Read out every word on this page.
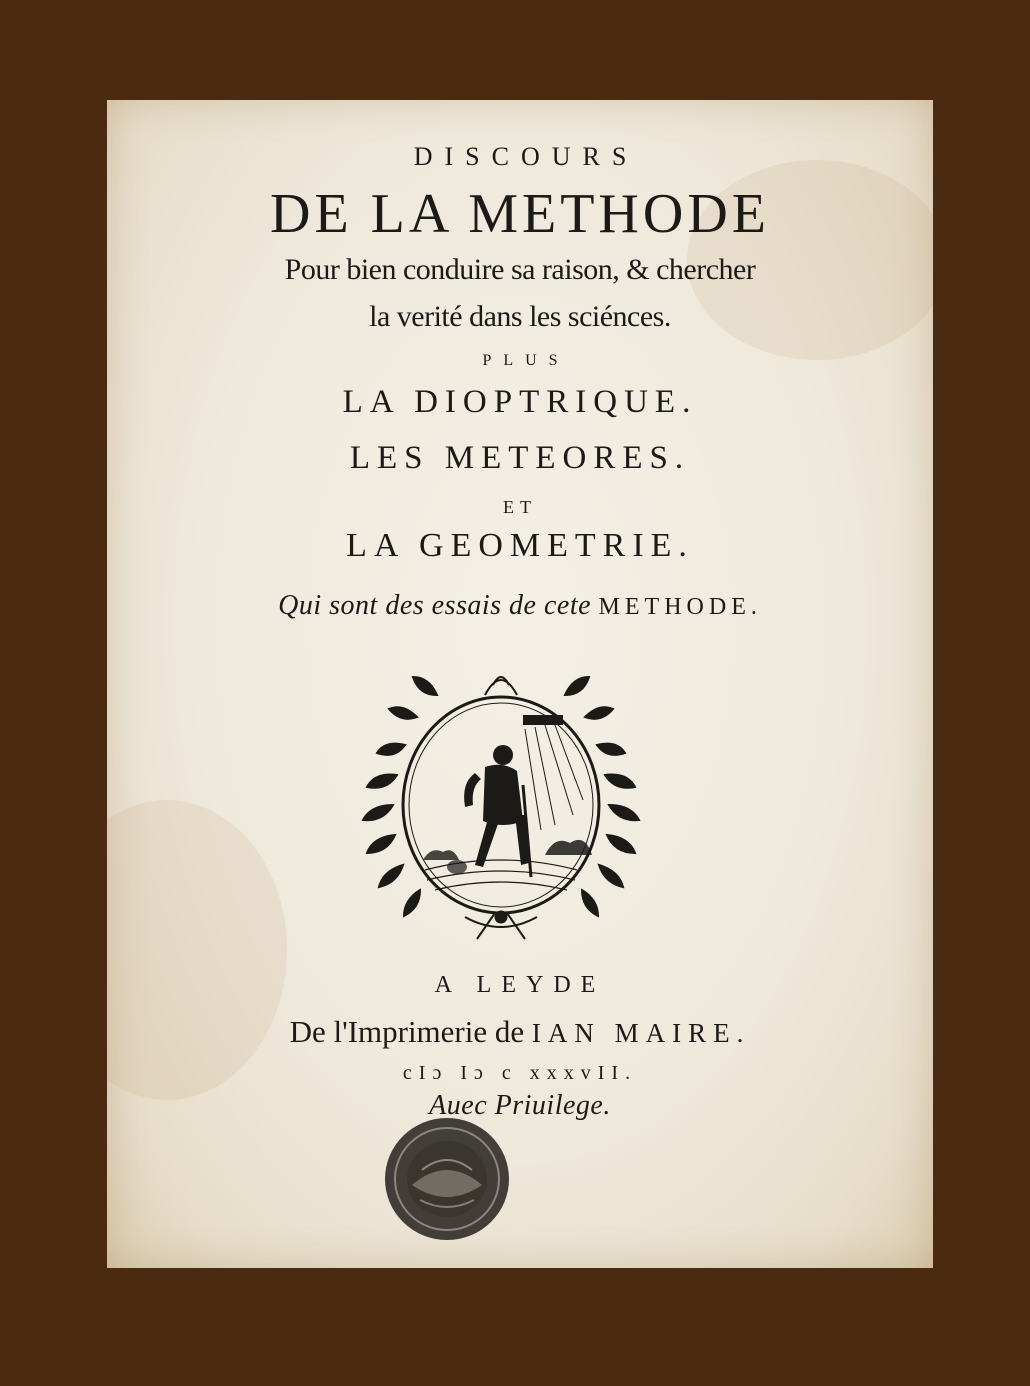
DISCOURS
DE LA METHODE
Pour bien conduire sa raison, & chercher
la verité dans les sciénces.
PLUS
LA DIOPTRIQUE.
LES METEORES.
ET
LA GEOMETRIE.
Qui sont des essais de cete METHODE.
A LEYDE
De l'Imprimerie de IAN MAIRE.
cIɔ Iɔ c xxxvII.
Auec Priuilege.
